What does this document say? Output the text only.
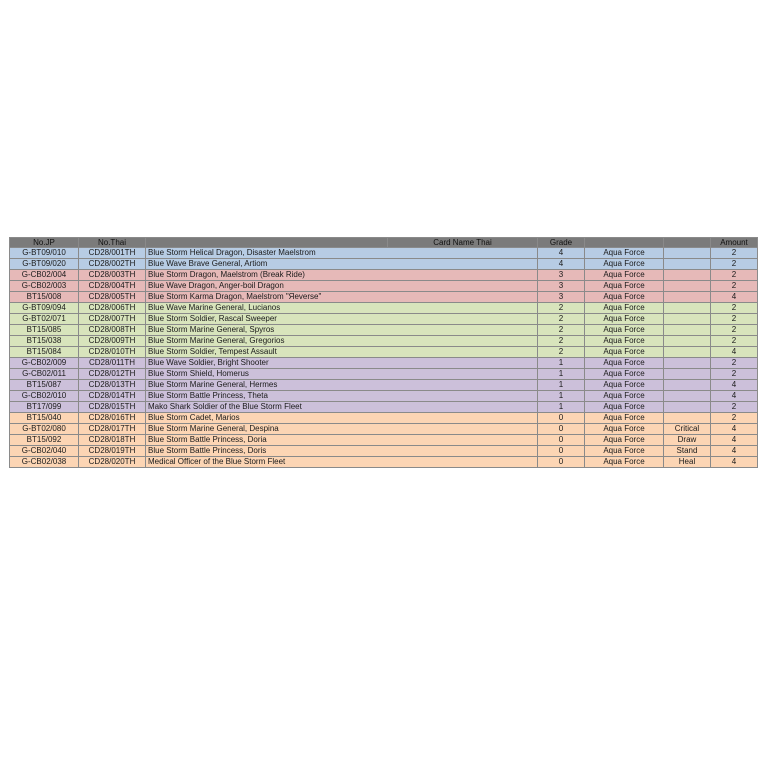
No.JP	No.Thai		Card Name Thai	Grade			Amount
G-BT09/010	CD28/001TH	Blue Storm Helical Dragon, Disaster Maelstrom		4	Aqua Force		2
G-BT09/020	CD28/002TH	Blue Wave Brave General, Artiom		4	Aqua Force		2
G-CB02/004	CD28/003TH	Blue Storm Dragon, Maelstrom (Break Ride)		3	Aqua Force		2
G-CB02/003	CD28/004TH	Blue Wave Dragon, Anger-boil Dragon		3	Aqua Force		2
BT15/008	CD28/005TH	Blue Storm Karma Dragon, Maelstrom "Яeverse"		3	Aqua Force		4
G-BT09/094	CD28/006TH	Blue Wave Marine General, Lucianos		2	Aqua Force		2
G-BT02/071	CD28/007TH	Blue Storm Soldier, Rascal Sweeper		2	Aqua Force		2
BT15/085	CD28/008TH	Blue Storm Marine General, Spyros		2	Aqua Force		2
BT15/038	CD28/009TH	Blue Storm Marine General, Gregorios		2	Aqua Force		2
BT15/084	CD28/010TH	Blue Storm Soldier, Tempest Assault		2	Aqua Force		4
G-CB02/009	CD28/011TH	Blue Wave Soldier, Bright Shooter		1	Aqua Force		2
G-CB02/011	CD28/012TH	Blue Storm Shield, Homerus		1	Aqua Force		2
BT15/087	CD28/013TH	Blue Storm Marine General, Hermes		1	Aqua Force		4
G-CB02/010	CD28/014TH	Blue Storm Battle Princess, Theta		1	Aqua Force		4
BT17/099	CD28/015TH	Mako Shark Soldier of the Blue Storm Fleet		1	Aqua Force		2
BT15/040	CD28/016TH	Blue Storm Cadet, Marios		0	Aqua Force		2
G-BT02/080	CD28/017TH	Blue Storm Marine General, Despina		0	Aqua Force	Critical	4
BT15/092	CD28/018TH	Blue Storm Battle Princess, Doria		0	Aqua Force	Draw	4
G-CB02/040	CD28/019TH	Blue Storm Battle Princess, Doris		0	Aqua Force	Stand	4
G-CB02/038	CD28/020TH	Medical Officer of the Blue Storm Fleet		0	Aqua Force	Heal	4
